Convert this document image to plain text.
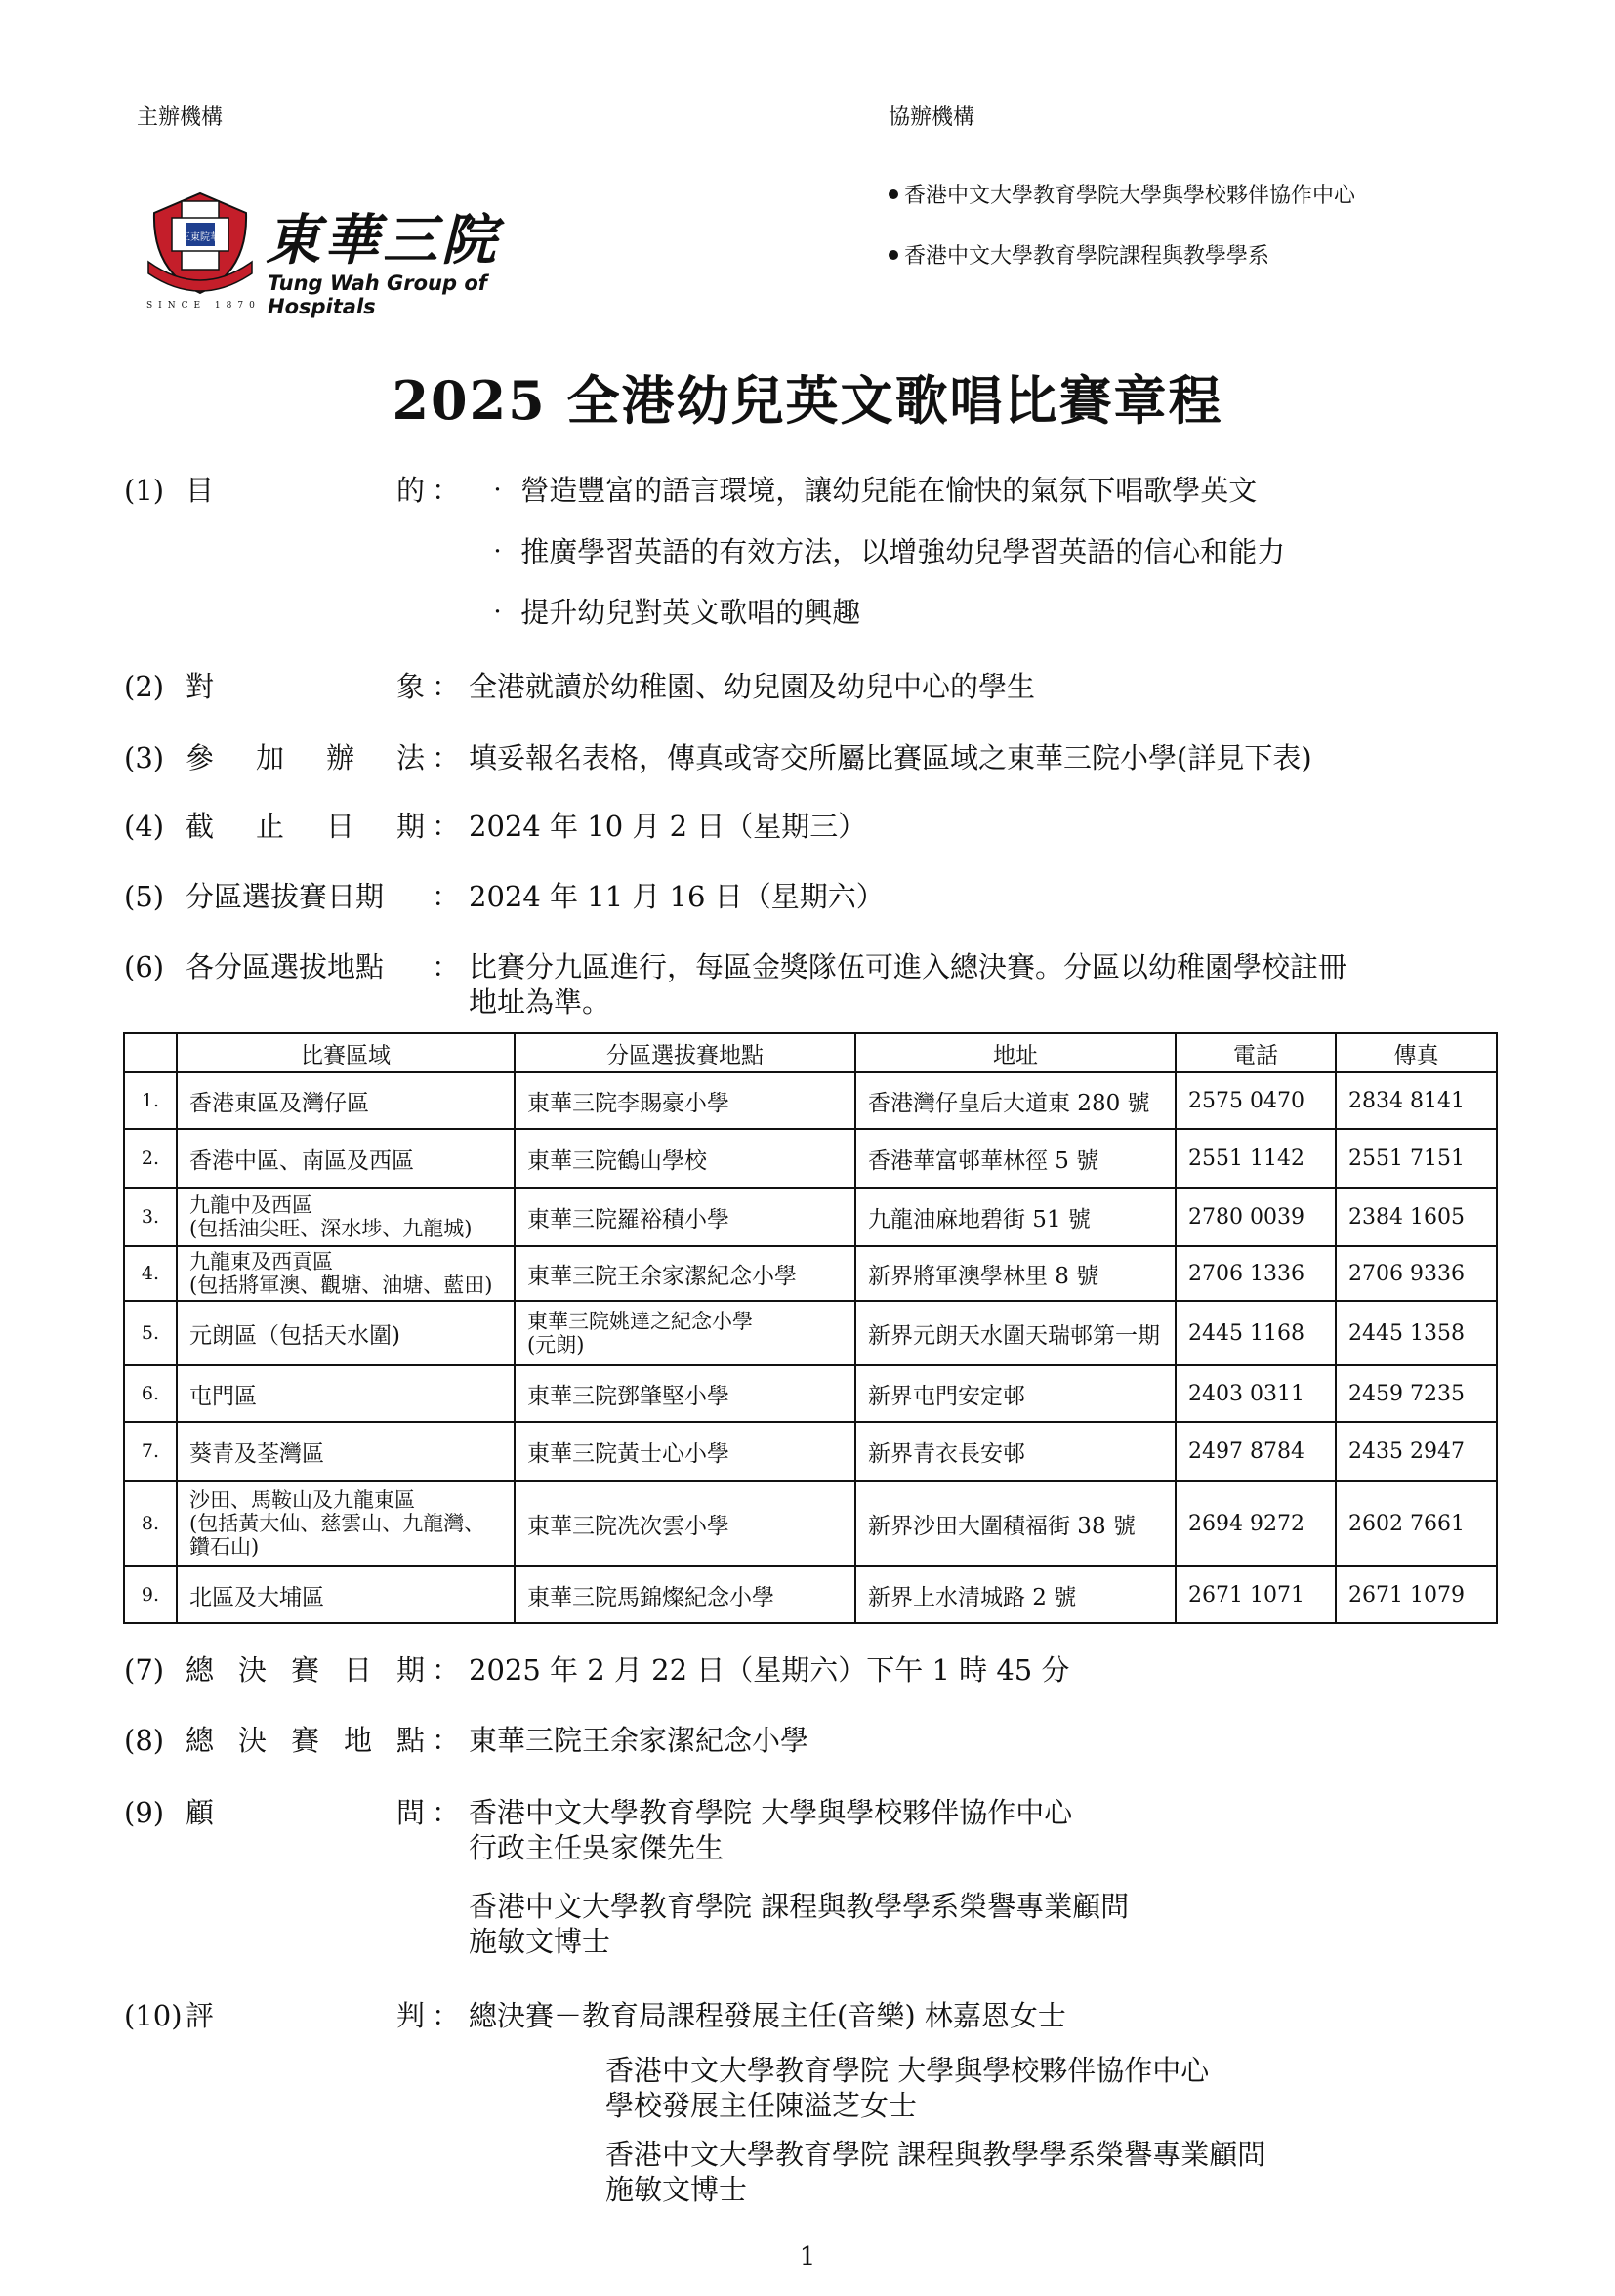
主辦機構	協辦機構
香港中文大學教育學院大學與學校夥伴協作中心
香港中文大學教育學院課程與教學學系
三東院華
SINCE 1870
東華三院
Tung Wah Group of Hospitals
2025 全港幼兒英文歌唱比賽章程
(1) 目	的 ： ‧ 營造豐富的語言環境，讓幼兒能在愉快的氣氛下唱歌學英文
‧ 推廣學習英語的有效方法，以增強幼兒學習英語的信心和能力
‧ 提升幼兒對英文歌唱的興趣
(2) 對	象 ： 全港就讀於幼稚園、幼兒園及幼兒中心的學生
(3) 參 加 辦 法 ： 填妥報名表格，傳真或寄交所屬比賽區域之東華三院小學(詳見下表)
(4) 截 止 日 期 ： 2024 年 10 月 2 日（星期三）
(5) 分區選拔賽日期 ： 2024 年 11 月 16 日（星期六）
(6) 各分區選拔地點 ： 比賽分九區進行，每區金獎隊伍可進入總決賽。分區以幼稚園學校註冊
地址為準。
	比賽區域	分區選拔賽地點	地址	電話	傳真
1.	香港東區及灣仔區	東華三院李賜豪小學	香港灣仔皇后大道東 280 號	2575 0470	2834 8141
2.	香港中區、南區及西區	東華三院鶴山學校	香港華富邨華林徑 5 號	2551 1142	2551 7151
3.	九龍中及西區
(包括油尖旺、深水埗、九龍城)	東華三院羅裕積小學	九龍油麻地碧街 51 號	2780 0039	2384 1605
4.	九龍東及西貢區
(包括將軍澳、觀塘、油塘、藍田)	東華三院王余家潔紀念小學	新界將軍澳學林里 8 號	2706 1336	2706 9336
5.	元朗區（包括天水圍)	東華三院姚達之紀念小學
(元朗)	新界元朗天水圍天瑞邨第一期	2445 1168	2445 1358
6.	屯門區	東華三院鄧肇堅小學	新界屯門安定邨	2403 0311	2459 7235
7.	葵青及荃灣區	東華三院黃士心小學	新界青衣長安邨	2497 8784	2435 2947
8.	沙田、馬鞍山及九龍東區
(包括黃大仙、慈雲山、九龍灣、鑽石山)	東華三院冼次雲小學	新界沙田大圍積福街 38 號	2694 9272	2602 7661
9.	北區及大埔區	東華三院馬錦燦紀念小學	新界上水清城路 2 號	2671 1071	2671 1079
(7) 總 決 賽 日 期 ： 2025 年 2 月 22 日（星期六）下午 1 時 45 分
(8) 總 決 賽 地 點 ： 東華三院王余家潔紀念小學
(9) 顧	問 ： 香港中文大學教育學院 大學與學校夥伴協作中心
行政主任吳家傑先生
香港中文大學教育學院 課程與教學學系榮譽專業顧問
施敏文博士
(10) 評	判 ： 總決賽－教育局課程發展主任(音樂) 林嘉恩女士
香港中文大學教育學院 大學與學校夥伴協作中心
學校發展主任陳溢芝女士
香港中文大學教育學院 課程與教學學系榮譽專業顧問
施敏文博士
1
